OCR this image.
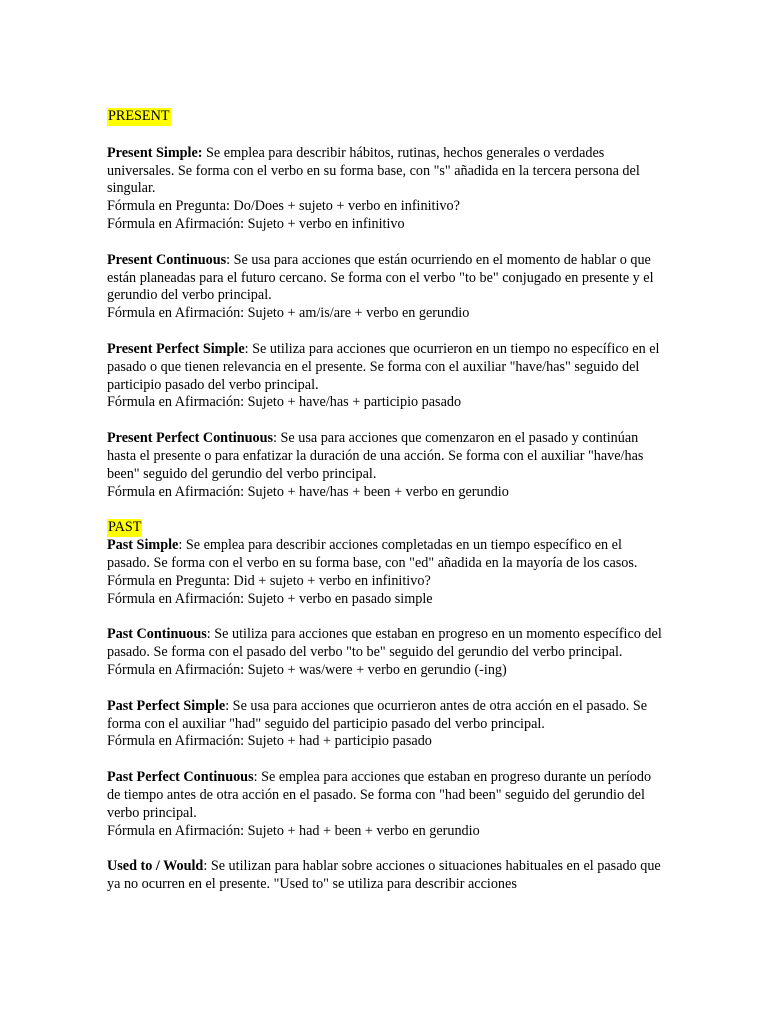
PRESENT

Present Simple: Se emplea para describir hábitos, rutinas, hechos generales o verdades universales. Se forma con el verbo en su forma base, con "s" añadida en la tercera persona del singular.

Fórmula en Pregunta: Do/Does + sujeto + verbo en infinitivo?

Fórmula en Afirmación: Sujeto + verbo en infinitivo

Present Continuous: Se usa para acciones que están ocurriendo en el momento de hablar o que están planeadas para el futuro cercano. Se forma con el verbo "to be" conjugado en presente y el gerundio del verbo principal.

Fórmula en Afirmación: Sujeto + am/is/are + verbo en gerundio

Present Perfect Simple: Se utiliza para acciones que ocurrieron en un tiempo no específico en el pasado o que tienen relevancia en el presente. Se forma con el auxiliar "have/has" seguido del participio pasado del verbo principal.

Fórmula en Afirmación: Sujeto + have/has + participio pasado

Present Perfect Continuous: Se usa para acciones que comenzaron en el pasado y continúan hasta el presente o para enfatizar la duración de una acción. Se forma con el auxiliar "have/has been" seguido del gerundio del verbo principal.

Fórmula en Afirmación: Sujeto + have/has + been + verbo en gerundio

PAST

Past Simple: Se emplea para describir acciones completadas en un tiempo específico en el pasado. Se forma con el verbo en su forma base, con "ed" añadida en la mayoría de los casos.

Fórmula en Pregunta: Did + sujeto + verbo en infinitivo?

Fórmula en Afirmación: Sujeto + verbo en pasado simple

Past Continuous: Se utiliza para acciones que estaban en progreso en un momento específico del pasado. Se forma con el pasado del verbo "to be" seguido del gerundio del verbo principal.

Fórmula en Afirmación: Sujeto + was/were + verbo en gerundio (-ing)

Past Perfect Simple: Se usa para acciones que ocurrieron antes de otra acción en el pasado. Se forma con el auxiliar "had" seguido del participio pasado del verbo principal.

Fórmula en Afirmación: Sujeto + had + participio pasado

Past Perfect Continuous: Se emplea para acciones que estaban en progreso durante un período de tiempo antes de otra acción en el pasado. Se forma con "had been" seguido del gerundio del verbo principal.

Fórmula en Afirmación: Sujeto + had + been + verbo en gerundio

Used to / Would: Se utilizan para hablar sobre acciones o situaciones habituales en el pasado que ya no ocurren en el presente. "Used to" se utiliza para describir acciones
